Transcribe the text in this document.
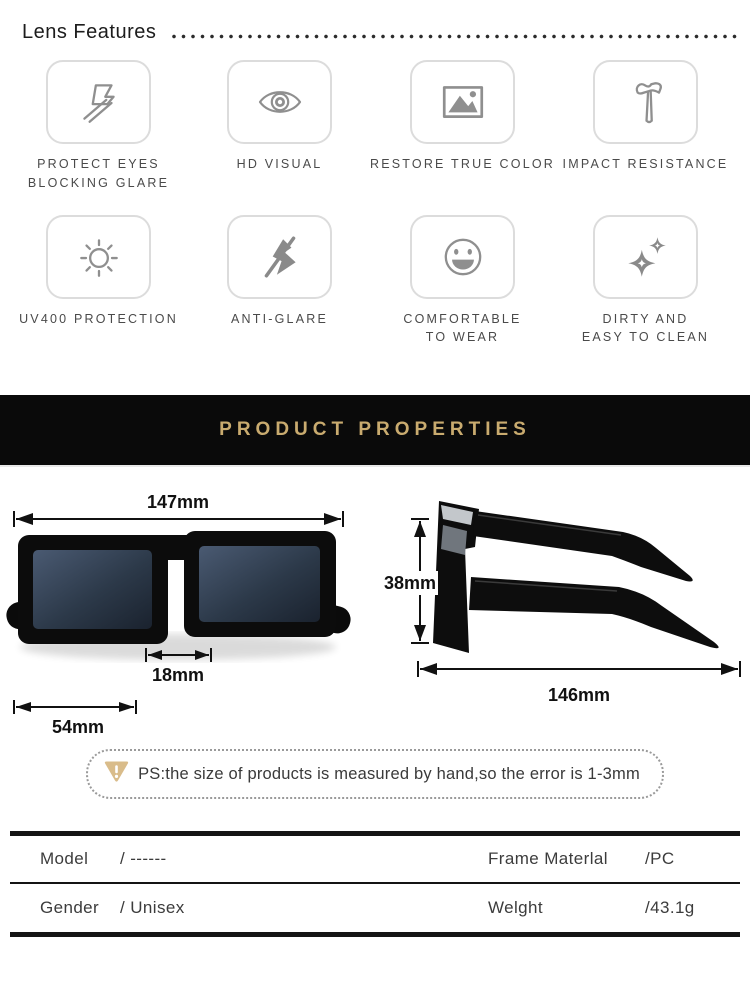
Lens Features
PROTECT EYES
BLOCKING GLARE
HD VISUAL	RESTORE TRUE COLOR IMPACT RESISTANCE
UV400 PROTECTION	ANTI-GLARE	COMFORTABLE
TO WEAR
DIRTY AND
EASY TO CLEAN
PRODUCT PROPERTIES
147mm
18mm
54mm
38mm
146mm
PS:the size of products is measured by hand,so the error is 1-3mm
Model	/ ------	Frame Materlal	/PC
Gender	/ Unisex	Welght	/43.1g
